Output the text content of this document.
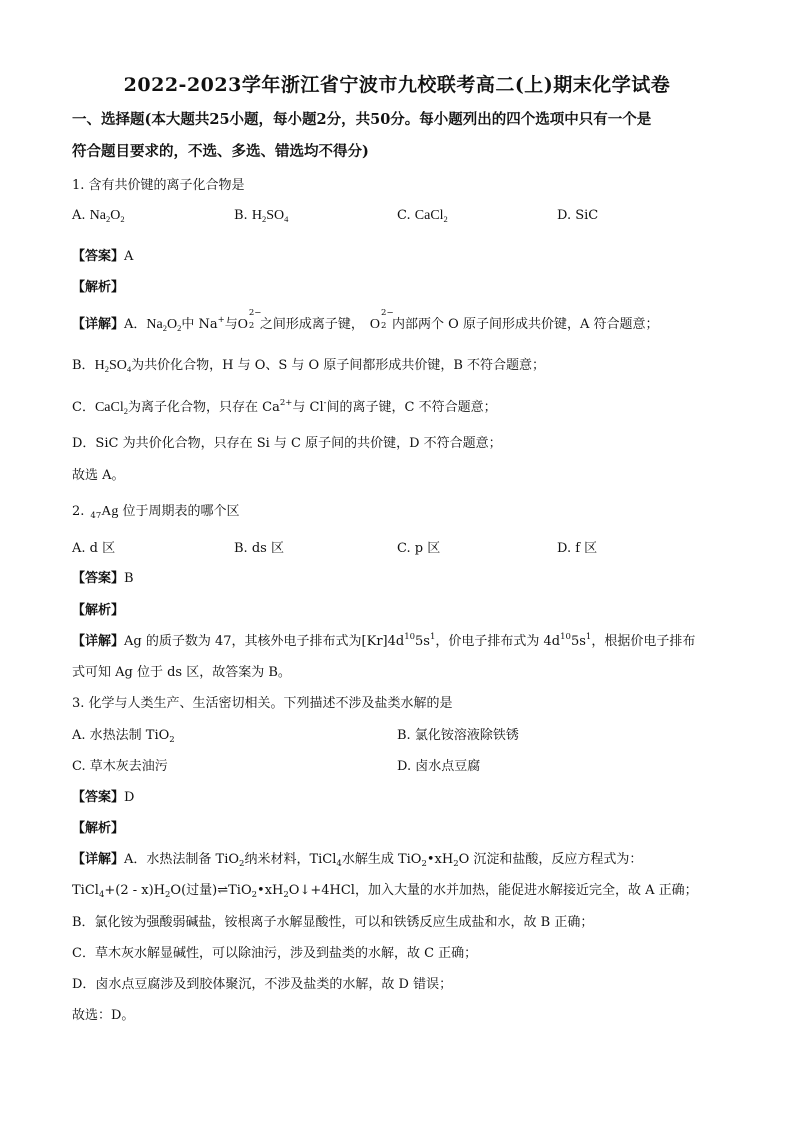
2022-2023学年浙江省宁波市九校联考高二(上)期末化学试卷
一、选择题(本大题共25小题，每小题2分，共50分。每小题列出的四个选项中只有一个是
符合题目要求的，不选、多选、错选均不得分)
1. 含有共价键的离子化合物是
A. $Na_2O_2$	B. $H_2SO_4$	C. CaCl$_2$	D. SiC
【答案】A
【解析】
【详解】A．$Na_2O_2$中 Na+与O
2−
2 之间形成离子键， O
2−
2 内部两个 O 原子间形成共价键，A 符合题意；
B．$H_2SO_4$为共价化合物，H 与 O、S 与 O 原子间都形成共价键，B 不符合题意；
C．CaCl$_2$为离子化合物，只存在 $Ca^{2+}$与 Cl-间的离子键，C 不符合题意；
D．SiC 为共价化合物，只存在 Si 与 C 原子间的共价键，D 不符合题意；
故选 A。
2. $_{47}$Ag 位于周期表的哪个区
A. d 区	B. ds 区	C. p 区	D. f 区
【答案】B
【解析】
【详解】Ag 的质子数为 47，其核外电子排布式为$[Kr]4d^{10}5s^1$，价电子排布式为 $4d^{10}5s^1$，根据价电子排布
式可知 Ag 位于 ds 区，故答案为 B。
3. 化学与人类生产、生活密切相关。下列描述不涉及盐类水解的是
A. 水热法制 TiO$_2$	B. 氯化铵溶液除铁锈
C. 草木灰去油污	D. 卤水点豆腐
【答案】D
【解析】
【详解】A．水热法制备 TiO$_2$纳米材料，TiCl$_4$水解生成 $TiO_2•xH_2O$ 沉淀和盐酸，反应方程式为：
TiCl$_4$+(2 - $x)H_2O$(过量)$\rightleftharpoons TiO_2•xH_2O↓+4HCl$，加入大量的水并加热，能促进水解接近完全，故 A 正确；
B．氯化铵为强酸弱碱盐，铵根离子水解显酸性，可以和铁锈反应生成盐和水，故 B 正确；
C．草木灰水解显碱性，可以除油污，涉及到盐类的水解，故 C 正确；
D．卤水点豆腐涉及到胶体聚沉，不涉及盐类的水解，故 D 错误；
故选：D。
